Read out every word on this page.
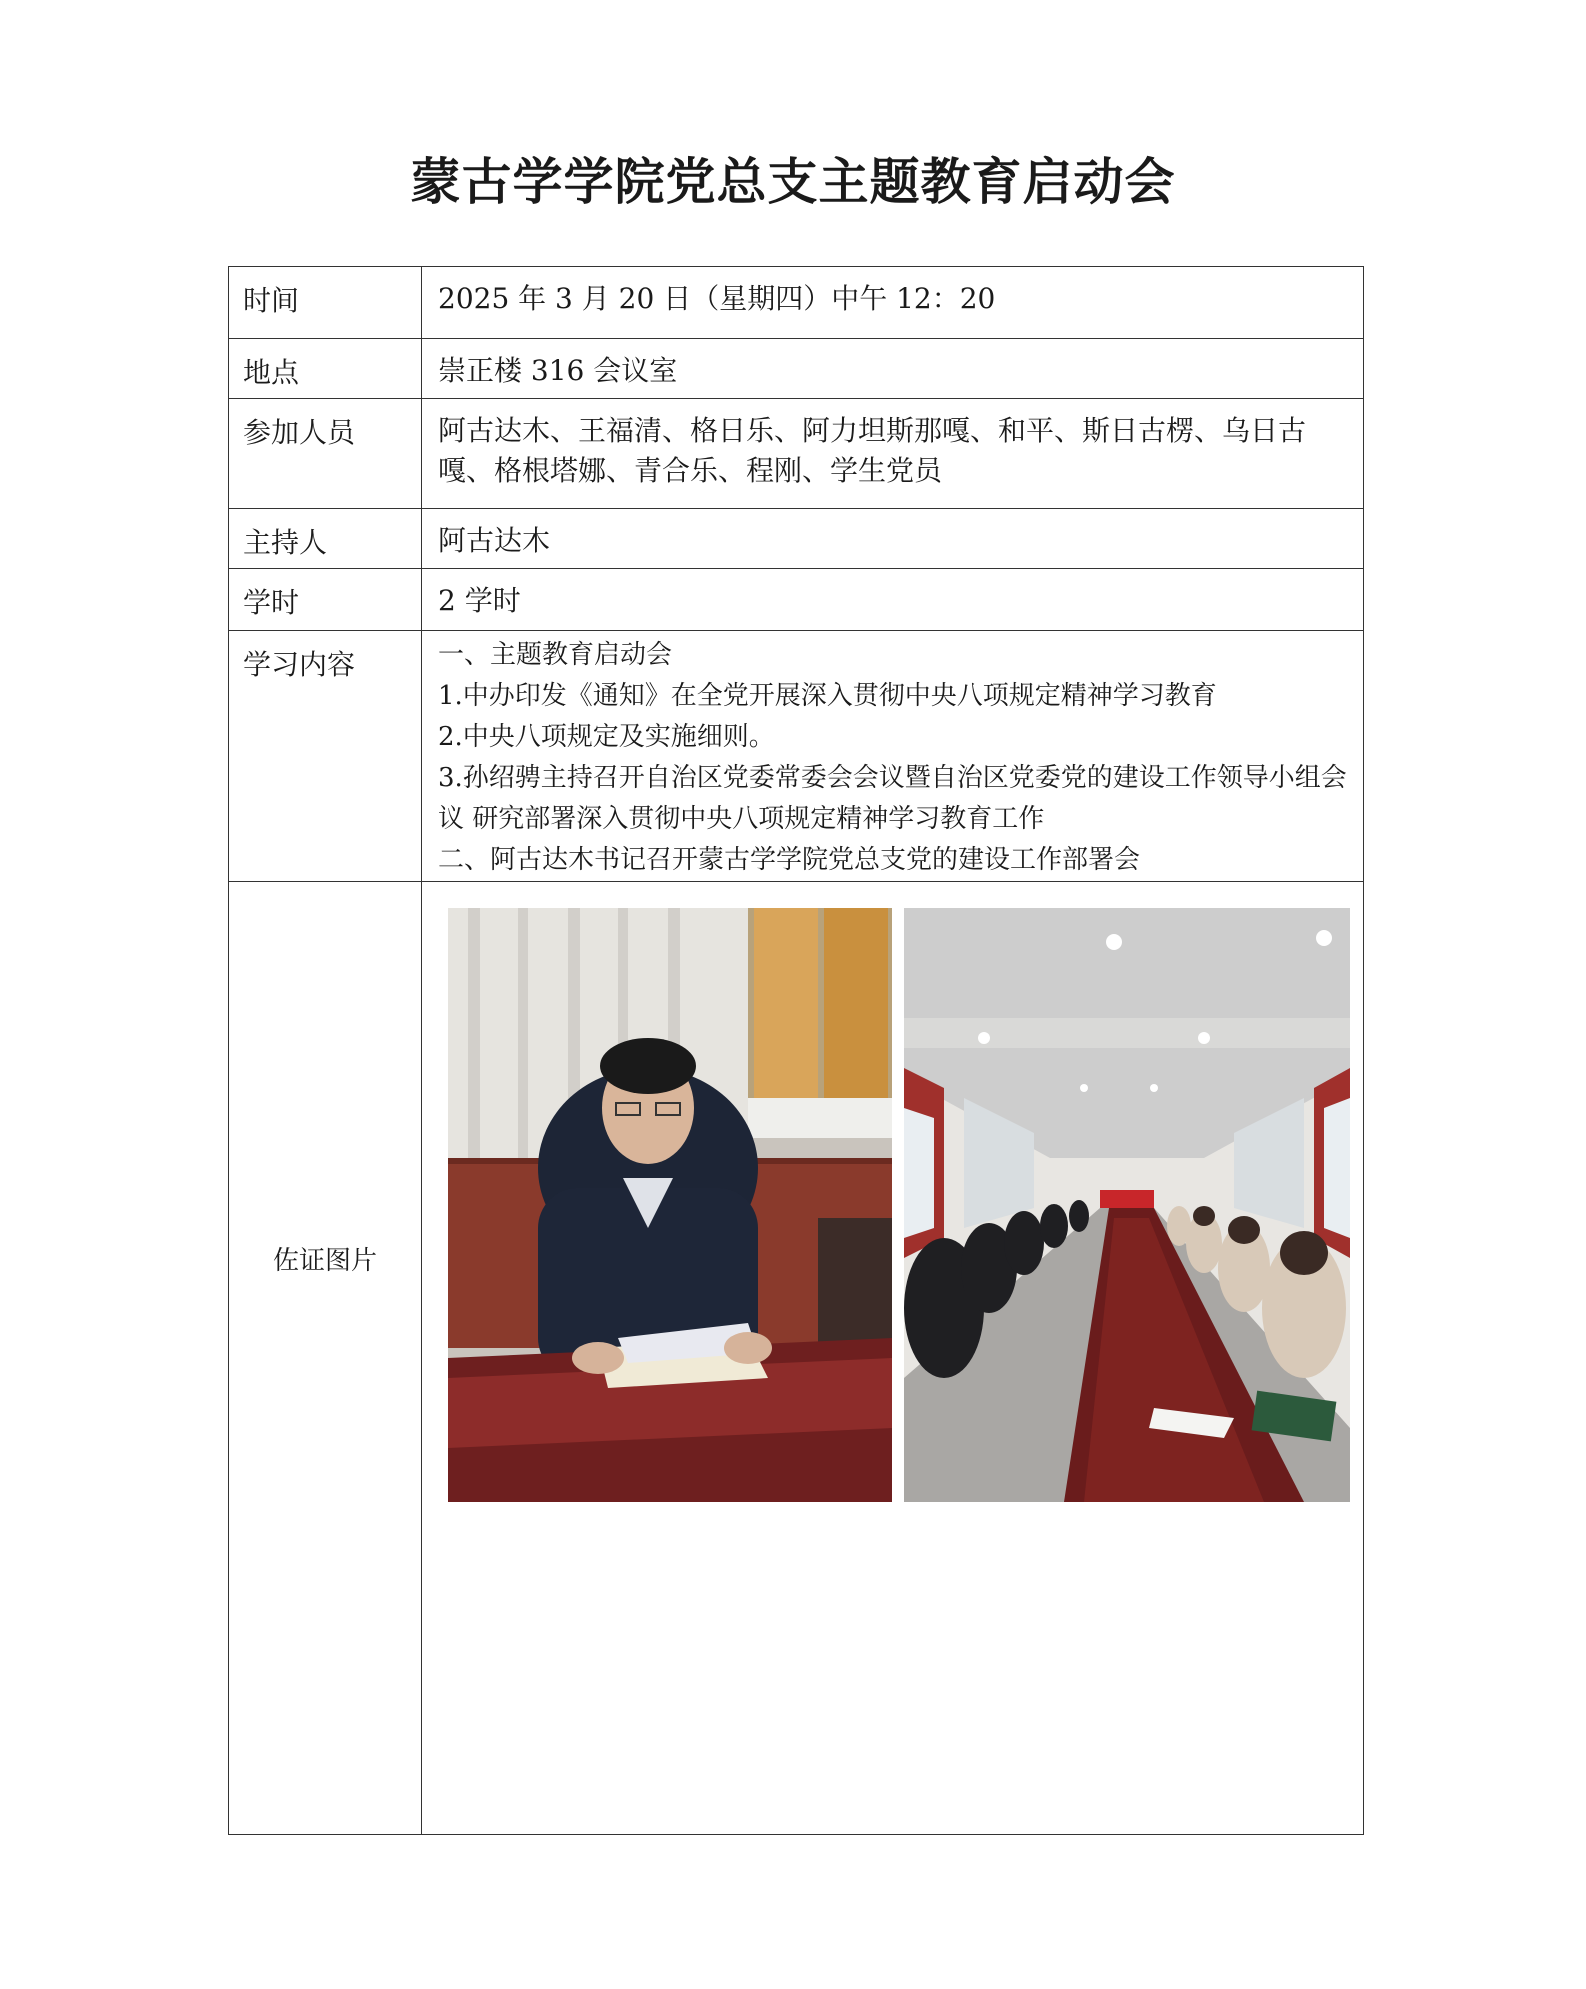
蒙古学学院党总支主题教育启动会
时间	2025 年 3 月 20 日（星期四）中午 12：20
地点	崇正楼 316 会议室
参加人员	阿古达木、王福清、格日乐、阿力坦斯那嘎、和平、斯日古楞、乌日古嘎、格根塔娜、青合乐、程刚、学生党员
主持人	阿古达木
学时	2 学时
学习内容	一、主题教育启动会
1.中办印发《通知》在全党开展深入贯彻中央八项规定精神学习教育
2.中央八项规定及实施细则。
3.孙绍骋主持召开自治区党委常委会会议暨自治区党委党的建设工作领导小组会议 研究部署深入贯彻中央八项规定精神学习教育工作
二、阿古达木书记召开蒙古学学院党总支党的建设工作部署会

佐证图片	
